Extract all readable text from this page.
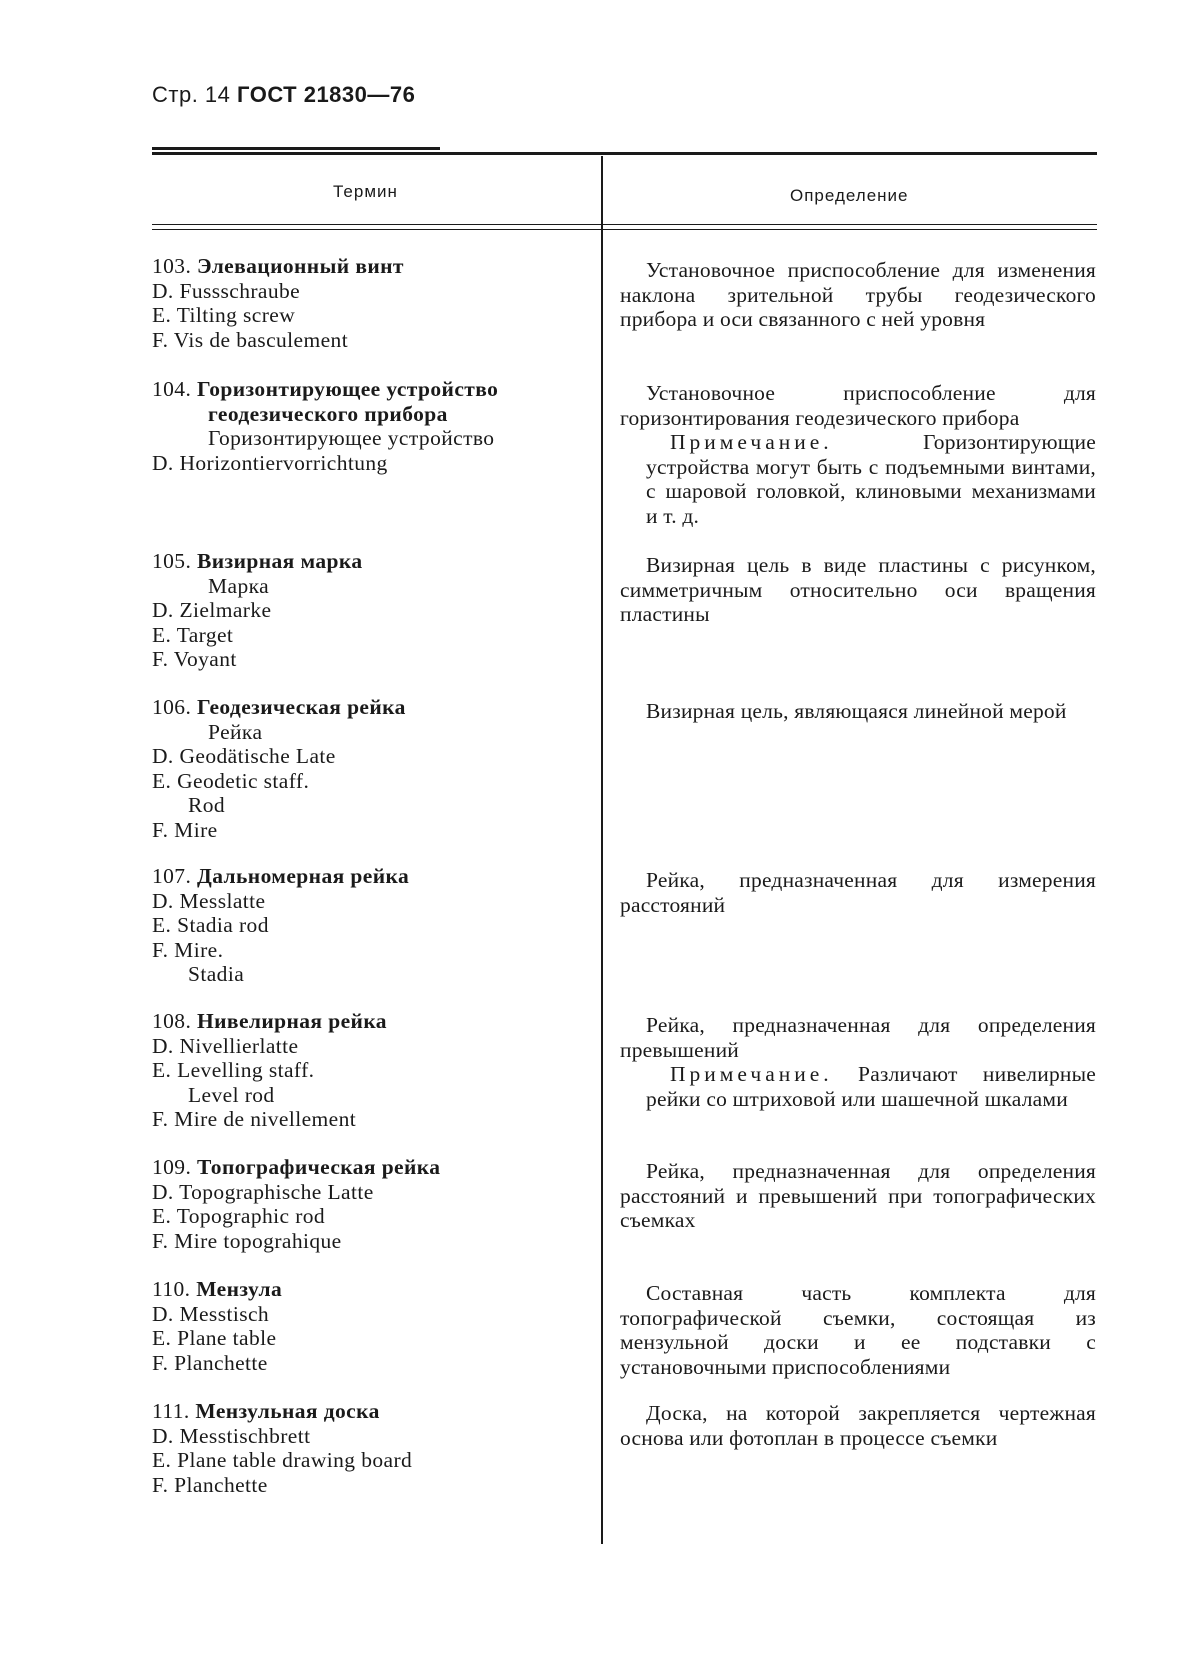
Стр. 14 ГОСТ 21830—76
Термин	Определение
103. Элевационный винт
D. Fussschraube
E. Tilting screw
F. Vis de basculement

Установочное приспособление для изменения наклона зрительной трубы геодезического прибора и оси связанного с ней уровня

104. Горизонтирующее устройство
геодезического прибора
Горизонтирующее устройство
D. Horizontiervorrichtung

Установочное приспособление для горизонтирования геодезического прибора

Примечание.	Горизонтирующие устройства могут быть с подъемными винтами, с шаровой головкой, клиновыми механизмами и т. д.

105. Визирная марка
Марка
D. Zielmarke
E. Target
F. Voyant

Визирная цель в виде пластины с рисунком, симметричным относительно оси вращения пластины

106. Геодезическая рейка
Рейка
D. Geodätische Late
E. Geodetic staff.
Rod
F. Mire

Визирная цель, являющаяся линейной мерой

107. Дальномерная рейка
D. Messlatte
E. Stadia rod
F. Mire.
Stadia

Рейка, предназначенная для измерения расстояний

108. Нивелирная рейка
D. Nivellierlatte
E. Levelling staff.
Level rod
F. Mire de nivellement

Рейка, предназначенная для определения превышений

Примечание. Различают нивелирные рейки со штриховой или шашечной шкалами

109. Топографическая рейка
D. Topographische Latte
E. Topographic rod
F. Mire topograhique

Рейка, предназначенная для определения расстояний и превышений при топографических съемках

110. Мензула
D. Messtisch
E. Plane table
F. Planchette

Составная часть комплекта для топографической съемки, состоящая из мензульной доски и ее подставки с установочными приспособлениями

111. Мензульная доска
D. Messtischbrett
E. Plane table drawing board
F. Planchette

Доска, на которой закрепляется чертежная основа или фотоплан в процессе съемки
